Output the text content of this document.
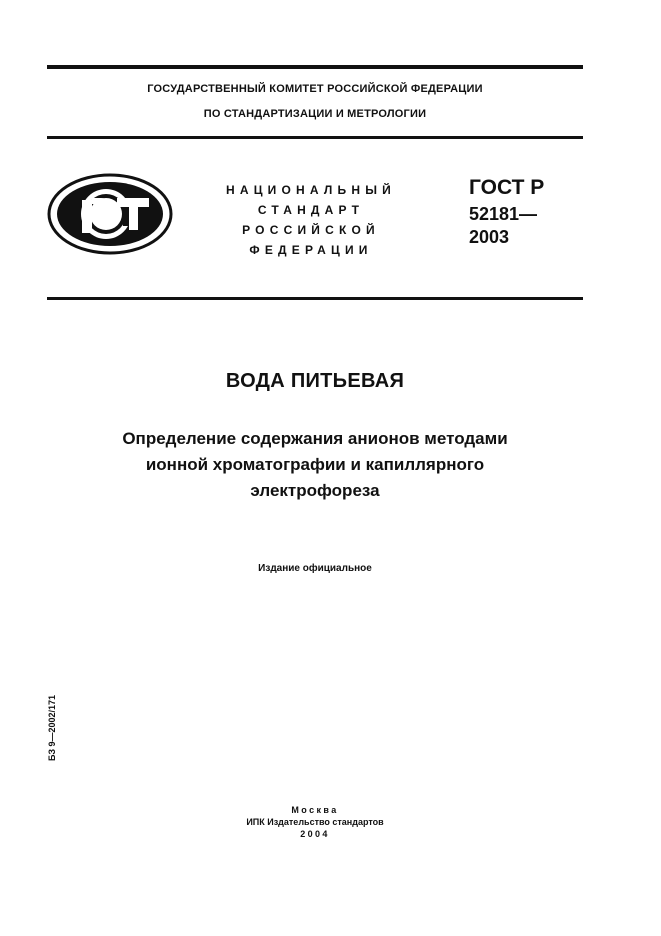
ГОСУДАРСТВЕННЫЙ КОМИТЕТ РОССИЙСКОЙ ФЕДЕРАЦИИ
ПО СТАНДАРТИЗАЦИИ И МЕТРОЛОГИИ
НАЦИОНАЛЬНЫЙ
СТАНДАРТ
РОССИЙСКОЙ
ФЕДЕРАЦИИ
ГОСТ Р
52181—
2003
ВОДА ПИТЬЕВАЯ
Определение содержания анионов методами
ионной хроматографии и капиллярного
электрофореза
Издание официальное
БЗ 9—2002/171
Москва
ИПК Издательство стандартов
2004
